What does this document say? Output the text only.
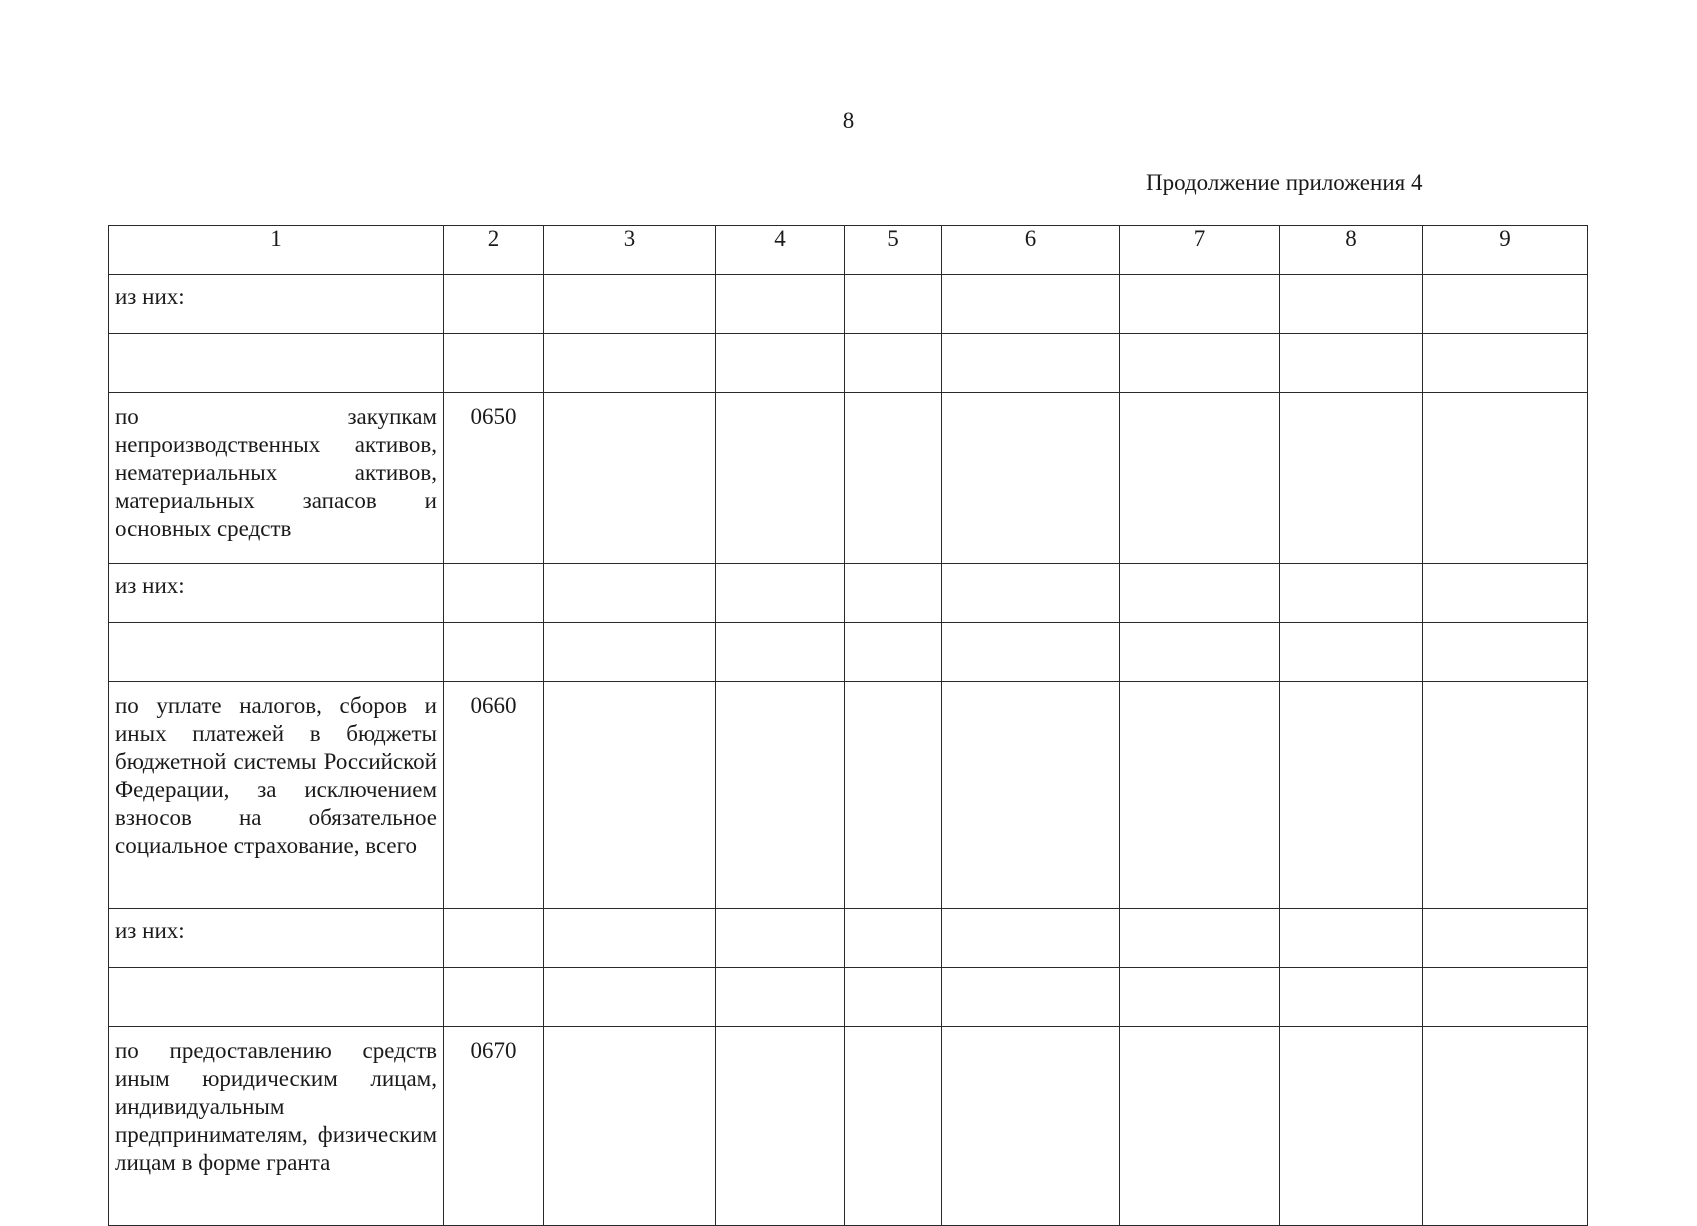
8
Продолжение приложения 4
1	2	3	4	5	6	7	8	9
из них:								

по закупкам непроизводственных активов, нематериальных активов, материальных запасов и основных средств	0650							
из них:								

по уплате налогов, сборов и иных платежей в бюджеты бюджетной системы Российской Федерации, за исключением взносов на обязательное социальное страхование, всего	0660							
из них:								

по предоставлению средств иным юридическим лицам, индивидуальным предпринимателям, физическим лицам в форме гранта	0670							
